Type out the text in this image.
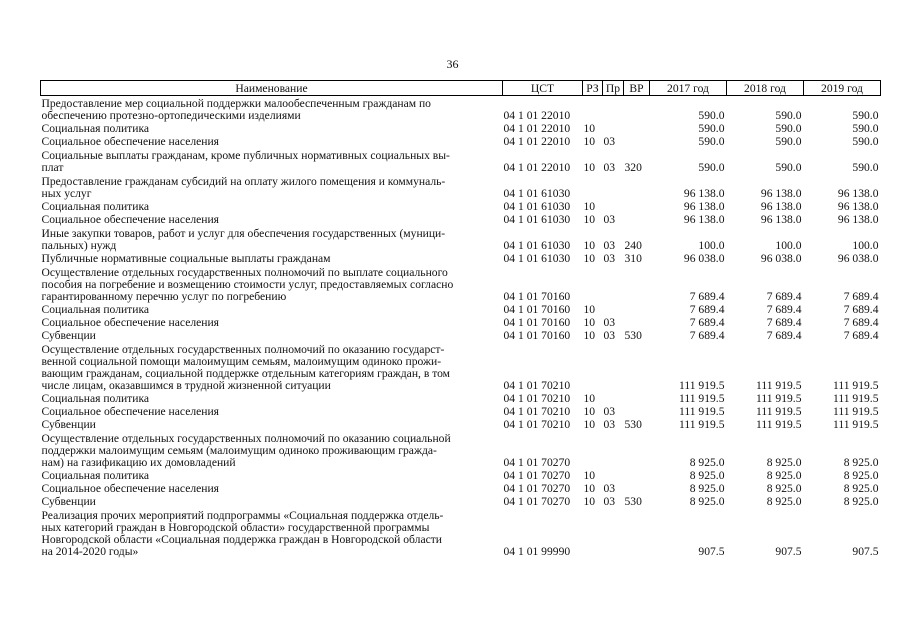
36
Наименование	ЦСТ	РЗ	Пр	ВР	2017 год	2018 год	2019 год

Предоставление мер социальной поддержки малообеспеченным гражданам по
обеспечению протезно-ортопедическими изделиями	04 1 01 22010				590.0	590.0	590.0

Социальная политика	04 1 01 22010	10			590.0	590.0	590.0

Социальное обеспечение населения	04 1 01 22010	10	03		590.0	590.0	590.0

Социальные выплаты гражданам, кроме публичных нормативных социальных вы-
плат	04 1 01 22010	10	03	320	590.0	590.0	590.0

Предоставление гражданам субсидий на оплату жилого помещения и коммуналь-
ных услуг	04 1 01 61030				96 138.0	96 138.0	96 138.0

Социальная политика	04 1 01 61030	10			96 138.0	96 138.0	96 138.0

Социальное обеспечение населения	04 1 01 61030	10	03		96 138.0	96 138.0	96 138.0

Иные закупки товаров, работ и услуг для обеспечения государственных (муници-
пальных) нужд	04 1 01 61030	10	03	240	100.0	100.0	100.0

Публичные нормативные социальные выплаты гражданам	04 1 01 61030	10	03	310	96 038.0	96 038.0	96 038.0

Осуществление отдельных государственных полномочий по выплате социального
пособия на погребение и возмещению стоимости услуг, предоставляемых согласно
гарантированному перечню услуг по погребению	04 1 01 70160				7 689.4	7 689.4	7 689.4

Социальная политика	04 1 01 70160	10			7 689.4	7 689.4	7 689.4

Социальное обеспечение населения	04 1 01 70160	10	03		7 689.4	7 689.4	7 689.4

Субвенции	04 1 01 70160	10	03	530	7 689.4	7 689.4	7 689.4

Осуществление отдельных государственных полномочий по оказанию государст-
венной социальной помощи малоимущим семьям, малоимущим одиноко прожи-
вающим гражданам, социальной поддержке отдельным категориям граждан, в том
числе лицам, оказавшимся в трудной жизненной ситуации	04 1 01 70210				111 919.5	111 919.5	111 919.5

Социальная политика	04 1 01 70210	10			111 919.5	111 919.5	111 919.5

Социальное обеспечение населения	04 1 01 70210	10	03		111 919.5	111 919.5	111 919.5

Субвенции	04 1 01 70210	10	03	530	111 919.5	111 919.5	111 919.5

Осуществление отдельных государственных полномочий по оказанию социальной
поддержки малоимущим семьям (малоимущим одиноко проживающим гражда-
нам) на газификацию их домовладений	04 1 01 70270				8 925.0	8 925.0	8 925.0

Социальная политика	04 1 01 70270	10			8 925.0	8 925.0	8 925.0

Социальное обеспечение населения	04 1 01 70270	10	03		8 925.0	8 925.0	8 925.0

Субвенции	04 1 01 70270	10	03	530	8 925.0	8 925.0	8 925.0

Реализация прочих мероприятий подпрограммы «Социальная поддержка отдель-
ных категорий граждан в Новгородской области» государственной программы
Новгородской области «Социальная поддержка граждан в Новгородской области
на 2014-2020 годы»	04 1 01 99990				907.5	907.5	907.5
